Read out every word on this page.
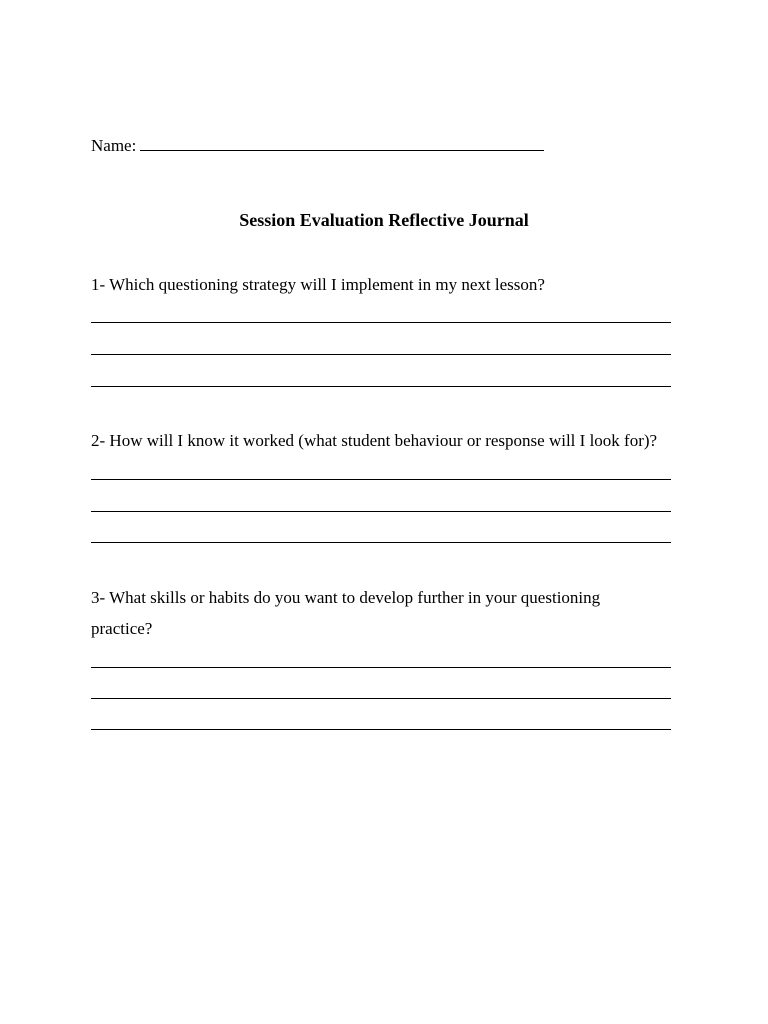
Name:
Session Evaluation Reflective Journal
1- Which questioning strategy will I implement in my next lesson?
2- How will I know it worked (what student behaviour or response will I look for)?
3- What skills or habits do you want to develop further in your questioning practice?
